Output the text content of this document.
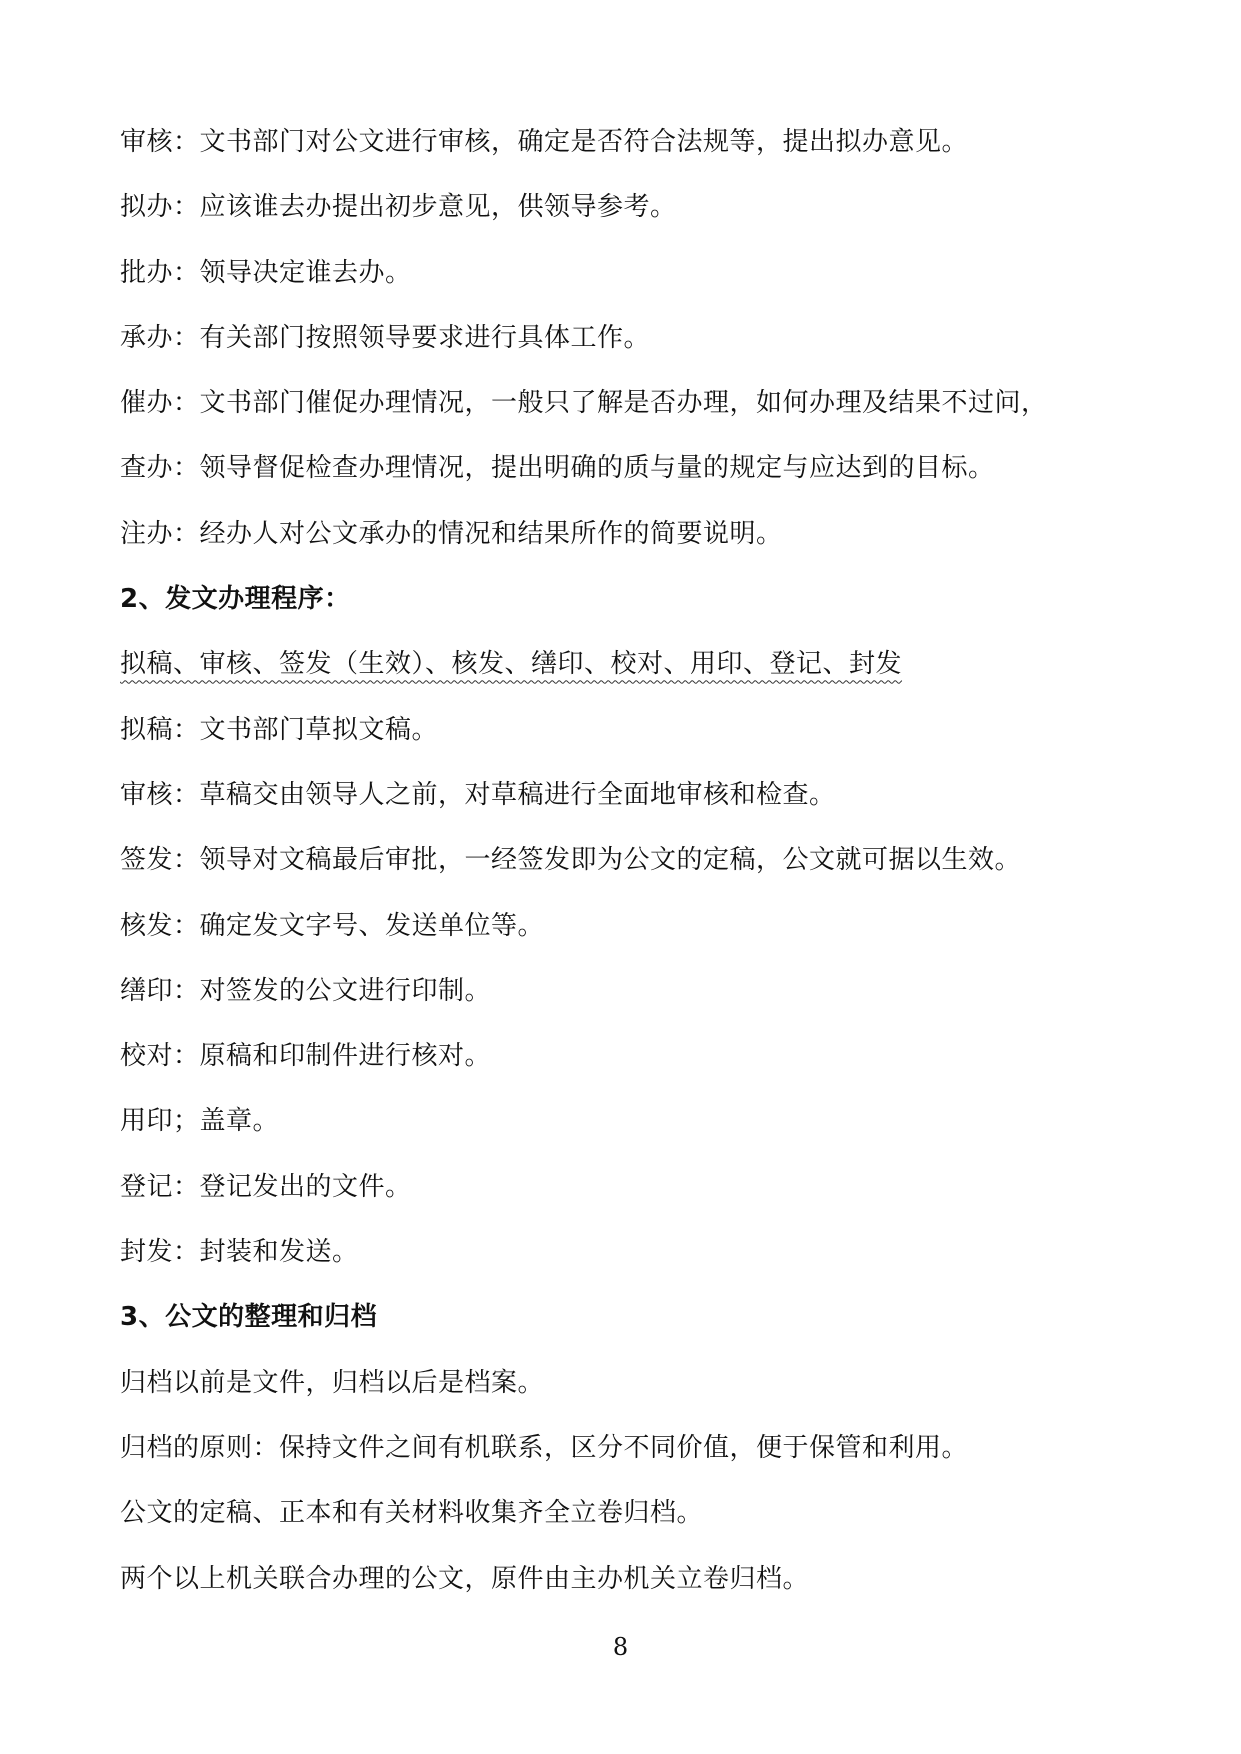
审核：文书部门对公文进行审核，确定是否符合法规等，提出拟办意见。
拟办：应该谁去办提出初步意见，供领导参考。
批办：领导决定谁去办。
承办：有关部门按照领导要求进行具体工作。
催办：文书部门催促办理情况，一般只了解是否办理，如何办理及结果不过问，
查办：领导督促检查办理情况，提出明确的质与量的规定与应达到的目标。
注办：经办人对公文承办的情况和结果所作的简要说明。
2、发文办理程序：
拟稿、审核、签发（生效）、核发、缮印、校对、用印、登记、封发
拟稿：文书部门草拟文稿。
审核：草稿交由领导人之前，对草稿进行全面地审核和检查。
签发：领导对文稿最后审批，一经签发即为公文的定稿，公文就可据以生效。
核发：确定发文字号、发送单位等。
缮印：对签发的公文进行印制。
校对：原稿和印制件进行核对。
用印；盖章。
登记：登记发出的文件。
封发：封装和发送。
3、公文的整理和归档
归档以前是文件，归档以后是档案。
归档的原则：保持文件之间有机联系，区分不同价值，便于保管和利用。
公文的定稿、正本和有关材料收集齐全立卷归档。
两个以上机关联合办理的公文，原件由主办机关立卷归档。
8
